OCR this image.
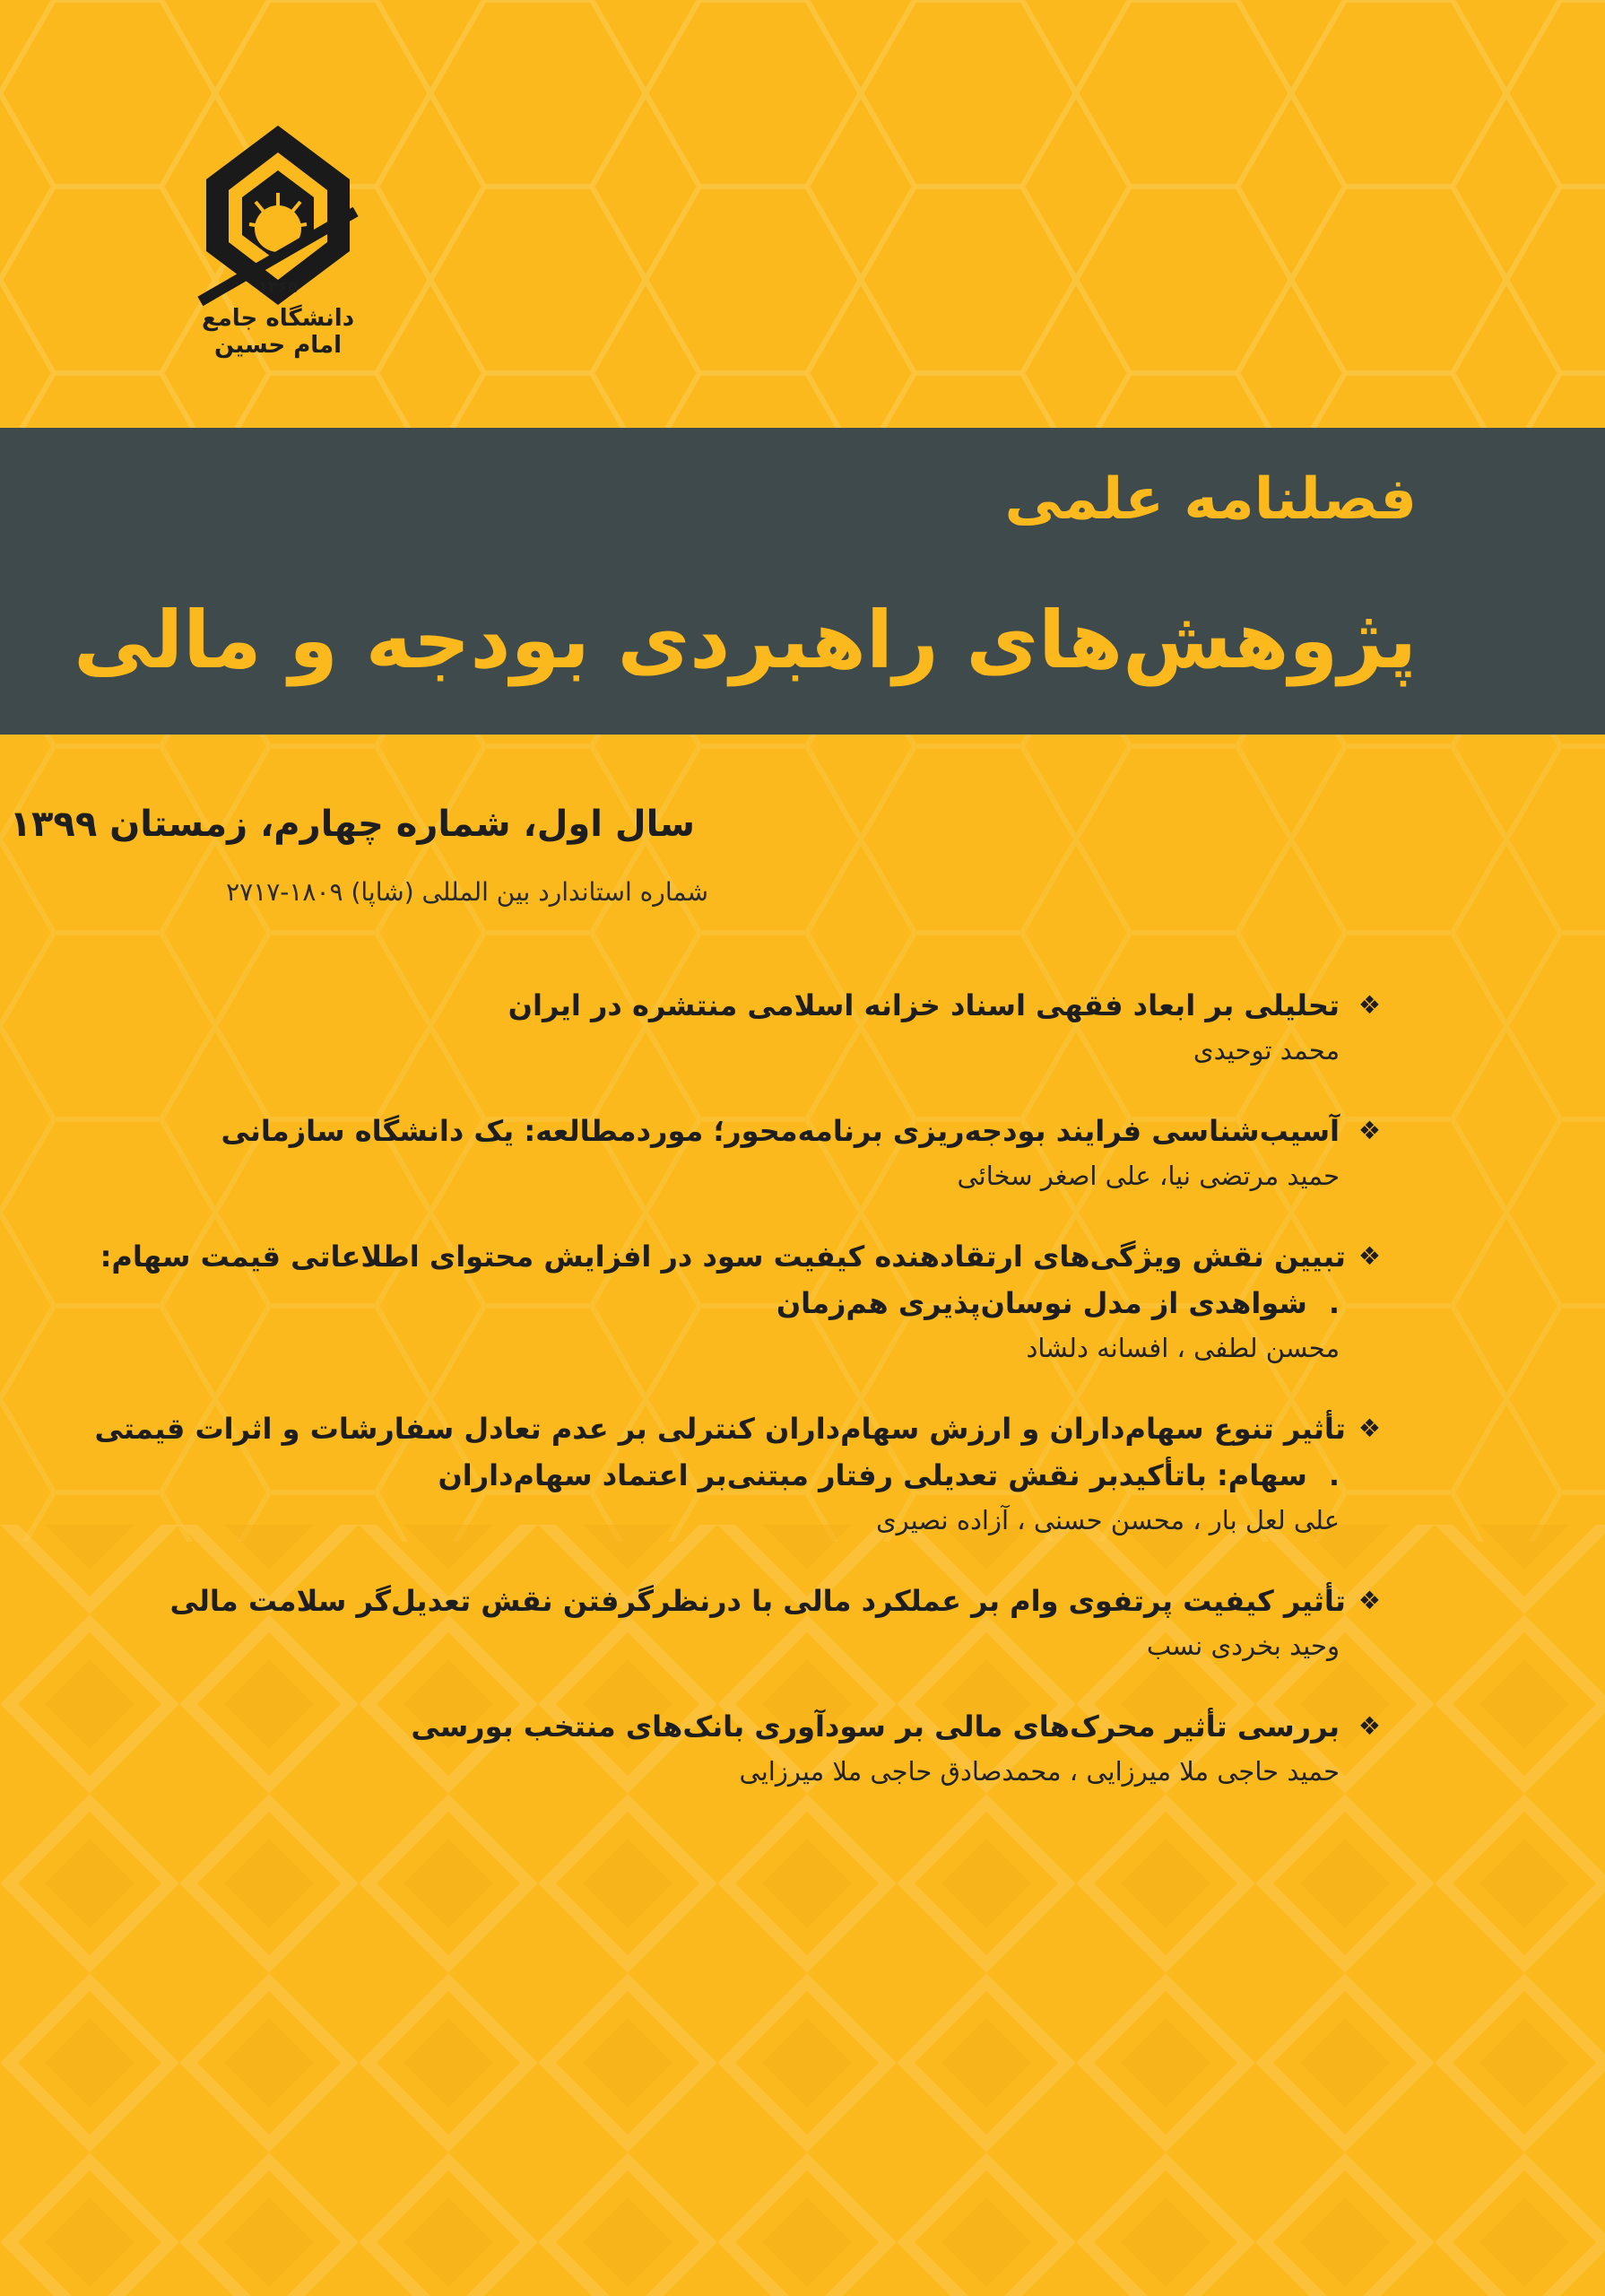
۱۳۶۵
دانشگاه جامع امام حسین
فصلنامه علمی
پژوهش‌های راهبردی بودجه و مالی
سال اول، شماره چهارم، زمستان ۱۳۹۹
شماره استاندارد بین المللی (شاپا) ۱۸۰۹-۲۷۱۷
❖
تحلیلی بر ابعاد فقهی اسناد خزانه اسلامی منتشره در ایران
محمد توحیدی
❖
آسیب‌شناسی فرایند بودجه‌ریزی برنامه‌محور؛ موردمطالعه: یک دانشگاه سازمانی
حمید مرتضی نیا، علی اصغر سخائی
❖
تبیین نقش ویژگی‌های ارتقادهنده کیفیت سود در افزایش محتوای اطلاعاتی قیمت سهام:
.شواهدی از مدل نوسان‌پذیری هم‌زمان
محسن لطفی ، افسانه دلشاد
❖
تأثیر تنوع سهام‌داران و ارزش سهام‌داران کنترلی بر عدم تعادل سفارشات و اثرات قیمتی
.سهام: باتأکیدبر نقش تعدیلی رفتار مبتنی‌بر اعتماد سهام‌داران
علی لعل بار ، محسن حسنی ، آزاده نصیری
❖
تأثیر کیفیت پرتفوی وام بر عملکرد مالی با درنظرگرفتن نقش تعدیل‌گر سلامت مالی
وحید بخردی نسب
❖
بررسی تأثیر محرک‌های مالی بر سودآوری بانک‌های منتخب بورسی
حمید حاجی ملا میرزایی ، محمدصادق حاجی ملا میرزایی
